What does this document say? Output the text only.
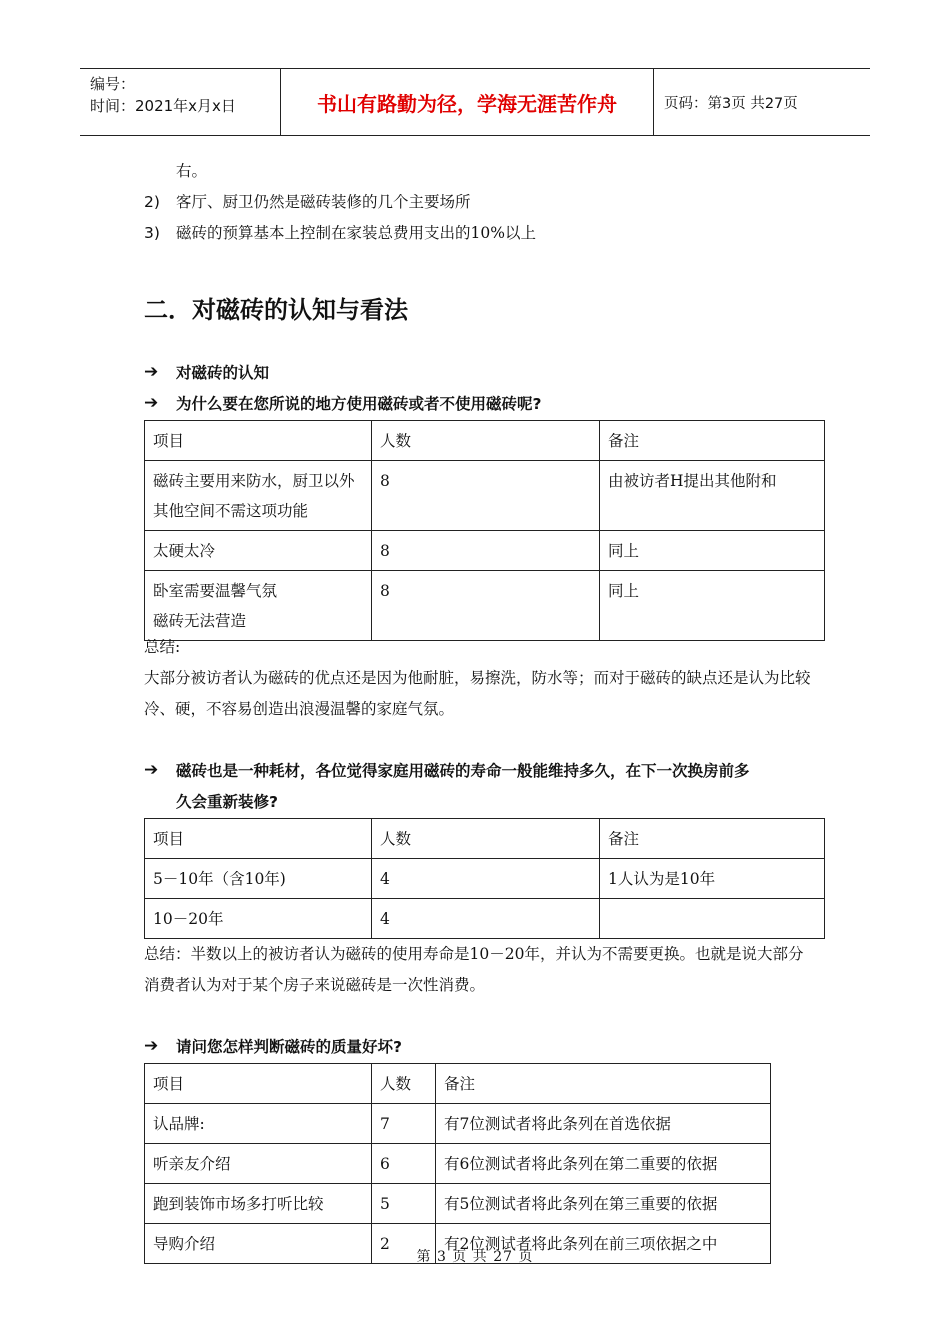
编号：
时间：2021年x月x日	书山有路勤为径，学海无涯苦作舟	页码：第3页 共27页
右。
2) 客厅、厨卫仍然是磁砖装修的几个主要场所
3) 磁砖的预算基本上控制在家装总费用支出的10%以上
二．对磁砖的认知与看法
➔ 对磁砖的认知
➔ 为什么要在您所说的地方使用磁砖或者不使用磁砖呢?
项目	人数	备注
磁砖主要用来防水，厨卫以外其他空间不需这项功能	8	由被访者H提出其他附和
太硬太冷	8	同上
卧室需要温馨气氛
磁砖无法营造	8	同上
总结:
大部分被访者认为磁砖的优点还是因为他耐脏，易擦洗，防水等；而对于磁砖的缺点还是认为比较冷、硬，不容易创造出浪漫温馨的家庭气氛。
➔ 磁砖也是一种耗材，各位觉得家庭用磁砖的寿命一般能维持多久，在下一次换房前多
久会重新装修?
项目	人数	备注
5－10年（含10年)	4	1人认为是10年
10－20年	4	
总结：半数以上的被访者认为磁砖的使用寿命是10－20年，并认为不需要更换。也就是说大部分消费者认为对于某个房子来说磁砖是一次性消费。
➔ 请问您怎样判断磁砖的质量好坏?
项目	人数	备注
认品牌:	7	有7位测试者将此条列在首选依据
听亲友介绍	6	有6位测试者将此条列在第二重要的依据
跑到装饰市场多打听比较	5	有5位测试者将此条列在第三重要的依据
导购介绍	2	有2位测试者将此条列在前三项依据之中
第 3 页 共 27 页
